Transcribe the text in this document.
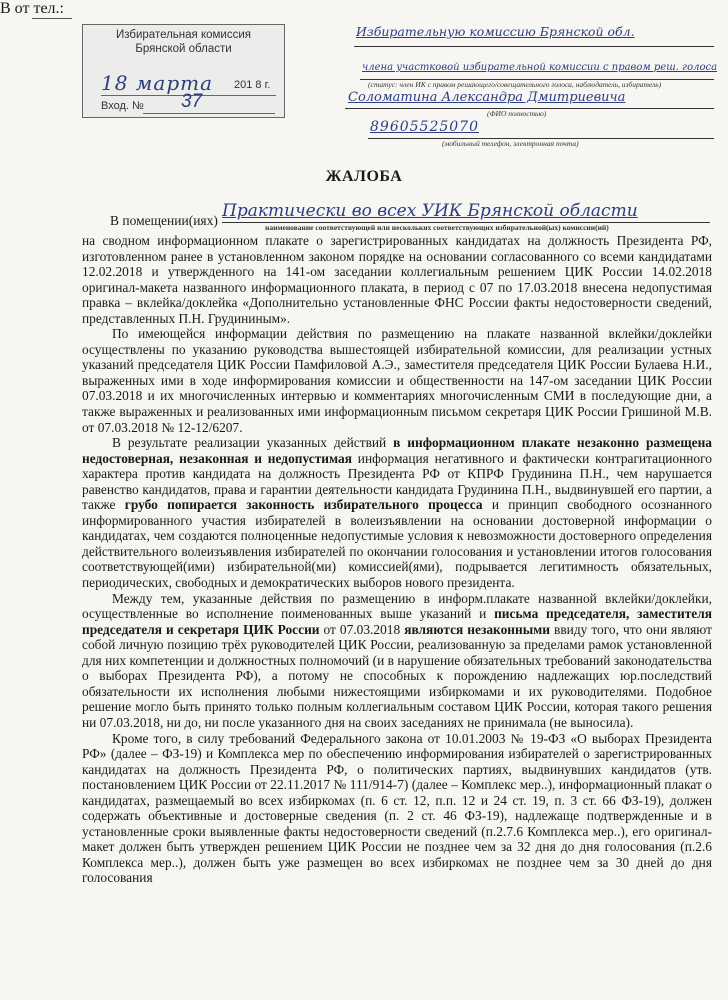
Избирательная комиссия
Брянской области
18 марта 201 8 г.
Вход. № 37
В
Избирательную комиссию Брянской обл.
от
члена участковой избирательной комиссии с правом реш. голоса
(статус: член ИК с правом решающего/совещательного голоса, наблюдатель, избиратель)
Соломатина Александра Дмитриевича
(ФИО полностью)
тел.:
89605525070
(мобильный телефон, электронная почта)
ЖАЛОБА
В помещении(иях) Практически во всех УИК Брянской области
наименование соответствующей или нескольких соответствующих избирательной(ых) комиссии(ий)

на сводном информационном плакате о зарегистрированных кандидатах на должность Президента РФ, изготовленном ранее в установленном законом порядке на основании согласованного со всеми кандидатами 12.02.2018 и утвержденного на 141-ом заседании коллегиальным решением ЦИК России 14.02.2018 оригинал-макета названного информационного плаката, в период с 07 по 17.03.2018 внесена недопустимая правка – вклейка/доклейка «Дополнительно установленные ФНС России факты недостоверности сведений, представленных П.Н. Грудининым».

По имеющейся информации действия по размещению на плакате названной вклейки/доклейки осуществлены по указанию руководства вышестоящей избирательной комиссии, для реализации устных указаний председателя ЦИК России Памфиловой А.Э., заместителя председателя ЦИК России Булаева Н.И., выраженных ими в ходе информирования комиссии и общественности на 147-ом заседании ЦИК России 07.03.2018 и их многочисленных интервью и комментариях многочисленным СМИ в последующие дни, а также выраженных и реализованных ими информационным письмом секретаря ЦИК России Гришиной М.В. от 07.03.2018 № 12-12/6207.

В результате реализации указанных действий в информационном плакате незаконно размещена недостоверная, незаконная и недопустимая информация негативного и фактически контрагитационного характера против кандидата на должность Президента РФ от КПРФ Грудинина П.Н., чем нарушается равенство кандидатов, права и гарантии деятельности кандидата Грудинина П.Н., выдвинувшей его партии, а также грубо попирается законность избирательного процесса и принцип свободного осознанного информированного участия избирателей в волеизъявлении на основании достоверной информации о кандидатах, чем создаются полноценные недопустимые условия к невозможности достоверного определения действительного волеизъявления избирателей по окончании голосования и установлении итогов голосования соответствующей(ими) избирательной(ми) комиссией(ями), подрывается легитимность обязательных, периодических, свободных и демократических выборов нового президента.

Между тем, указанные действия по размещению в информ.плакате названной вклейки/доклейки, осуществленные во исполнение поименованных выше указаний и письма председателя, заместителя председателя и секретаря ЦИК России от 07.03.2018 являются незаконными ввиду того, что они являют собой личную позицию трёх руководителей ЦИК России, реализованную за пределами рамок установленной для них компетенции и должностных полномочий (и в нарушение обязательных требований законодательства о выборах Президента РФ), а потому не способных к порождению надлежащих юр.последствий обязательности их исполнения любыми нижестоящими избиркомами и их руководителями. Подобное решение могло быть принято только полным коллегиальным составом ЦИК России, которая такого решения ни 07.03.2018, ни до, ни после указанного дня на своих заседаниях не принимала (не выносила).

Кроме того, в силу требований Федерального закона от 10.01.2003 № 19-ФЗ «О выборах Президента РФ» (далее – ФЗ-19) и Комплекса мер по обеспечению информирования избирателей о зарегистрированных кандидатах на должность Президента РФ, о политических партиях, выдвинувших кандидатов (утв. постановлением ЦИК России от 22.11.2017 № 111/914-7) (далее – Комплекс мер..), информационный плакат о кандидатах, размещаемый во всех избиркомах (п. 6 ст. 12, п.п. 12 и 24 ст. 19, п. 3 ст. 66 ФЗ-19), должен содержать объективные и достоверные сведения (п. 2 ст. 46 ФЗ-19), надлежаще подтвержденные и в установленные сроки выявленные факты недостоверности сведений (п.2.7.6 Комплекса мер..), его оригинал-макет должен быть утвержден решением ЦИК России не позднее чем за 32 дня до дня голосования (п.2.6 Комплекса мер..), должен быть уже размещен во всех избиркомах не позднее чем за 30 дней до дня голосования
